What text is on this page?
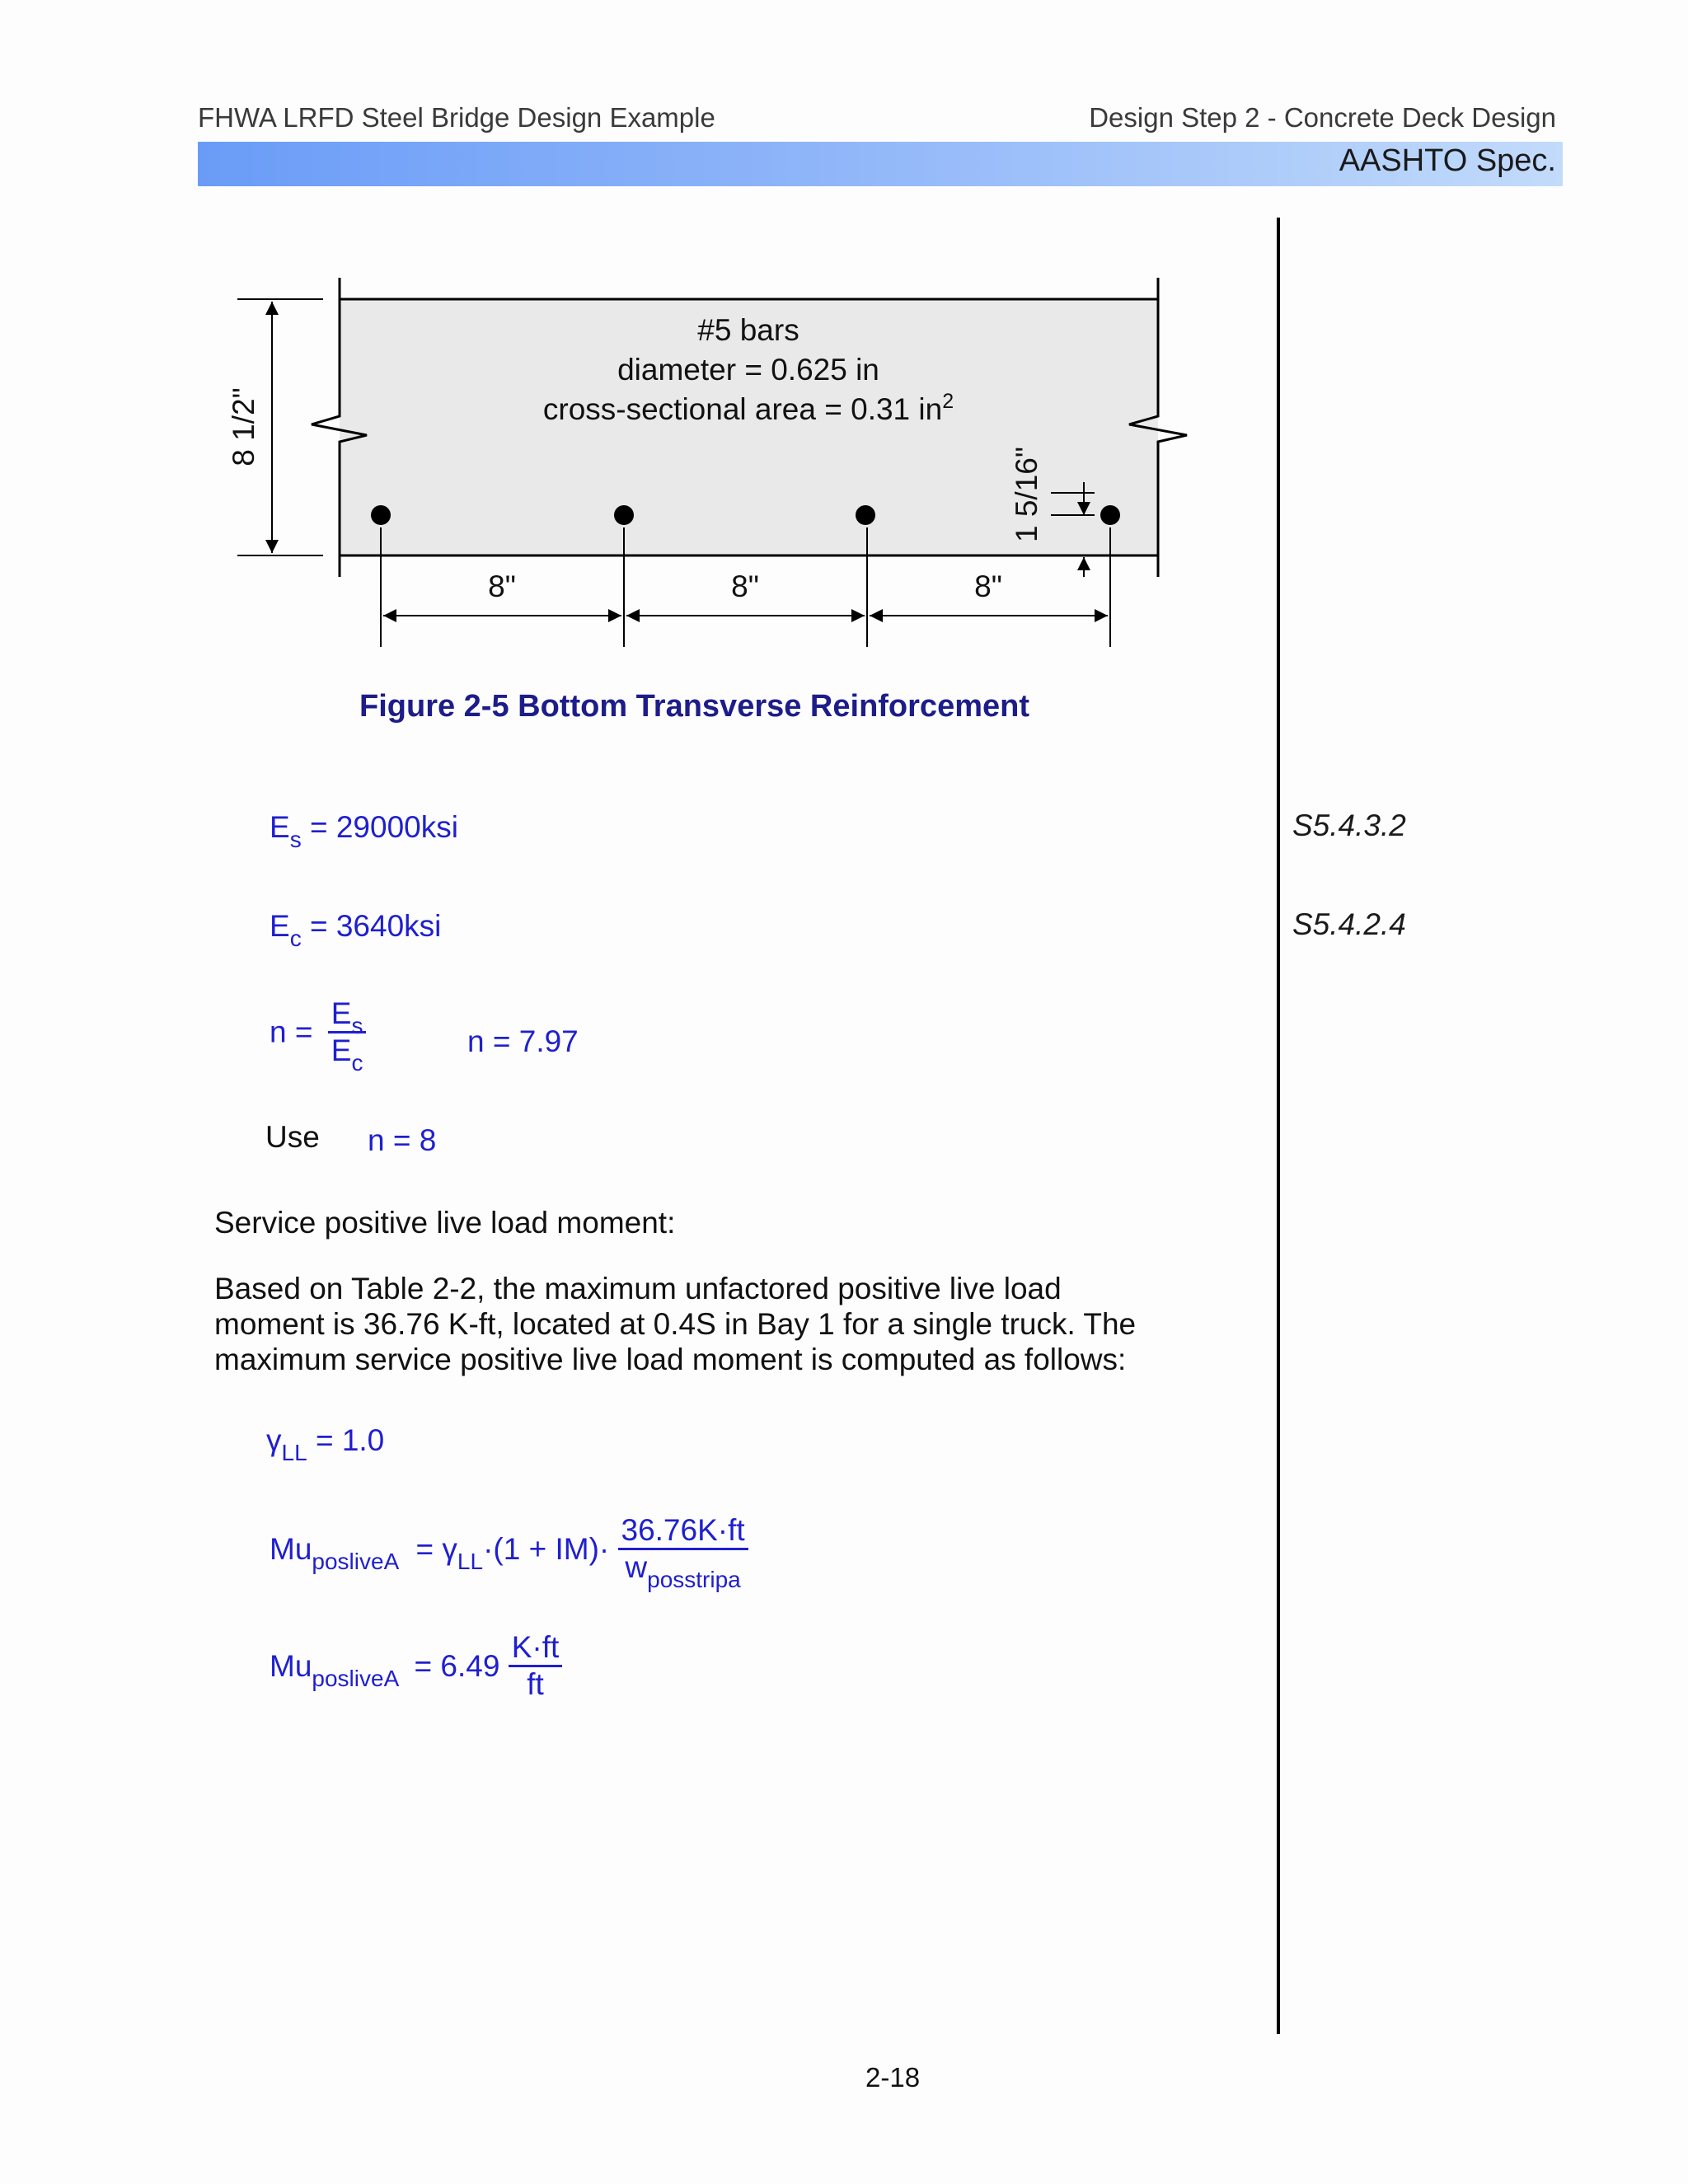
FHWA LRFD Steel Bridge Design Example	Design Step 2 - Concrete Deck Design
AASHTO Spec.
#5 bars
diameter = 0.625 in
cross-sectional area = 0.31 $in^2$
8 1/2"
1 5/16"
8"	8"	8"
Figure 2-5 Bottom Transverse Reinforcement
$E_s = 29000ksi$	S5.4.3.2
$E_c = 3640ksi$	S5.4.2.4
$n = \frac{E_s}{E_c}$	n = 7.97
Use n = 8
Service positive live load moment:
Based on Table 2-2, the maximum unfactored positive live load
moment is 36.76 K-ft, located at 0.4S in Bay 1 for a single truck. The
maximum service positive live load moment is computed as follows:
$\gamma_{LL} = 1.0$
$Mu_{posliveA} = \gamma_{LL}\cdot(1 + IM)\cdot \frac{36.76K\cdot ft}{w_{posstripa}}$
$Mu_{posliveA} = 6.49 \frac{K\cdot ft}{ft}$
2-18
